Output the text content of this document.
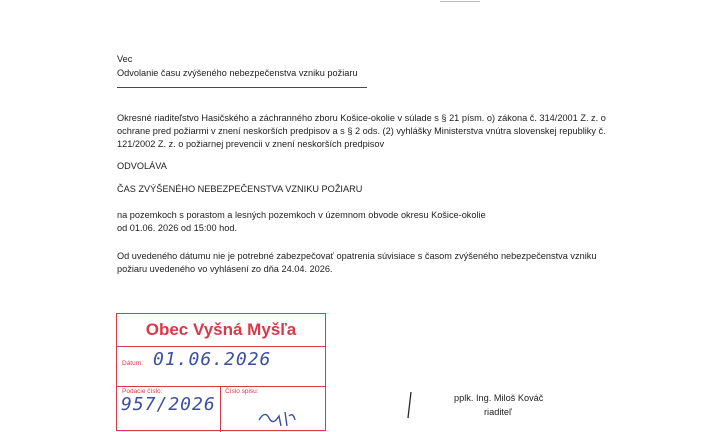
Vec
Odvolanie času zvýšeného nebezpečenstva vzniku požiaru
Okresné riaditeľstvo Hasičského a záchranného zboru Košice-okolie v súlade s § 21 písm. o) zákona č. 314/2001 Z. z. o
ochrane pred požiarmi v znení neskorších predpisov a s § 2 ods. (2) vyhlášky Ministerstva vnútra slovenskej republiky č.
121/2002 Z. z. o požiarnej prevencii v znení neskorších predpisov
ODVOLÁVA
ČAS ZVÝŠENÉHO NEBEZPEČENSTVA VZNIKU POŽIARU
na pozemkoch s porastom a lesných pozemkoch v územnom obvode okresu Košice-okolie
od 01.06. 2026 od 15:00 hod.
Od uvedeného dátumu nie je potrebné zabezpečovať opatrenia súvisiace s časom zvýšeného nebezpečenstva vzniku
požiaru uvedeného vo vyhlásení zo dňa 24.04. 2026.
pplk. Ing. Miloš Kováč
riaditeľ
Obec Vyšná Myšľa
Dátum: 01.06.2026
Podacie číslo:
957/2026
Číslo spisu:
